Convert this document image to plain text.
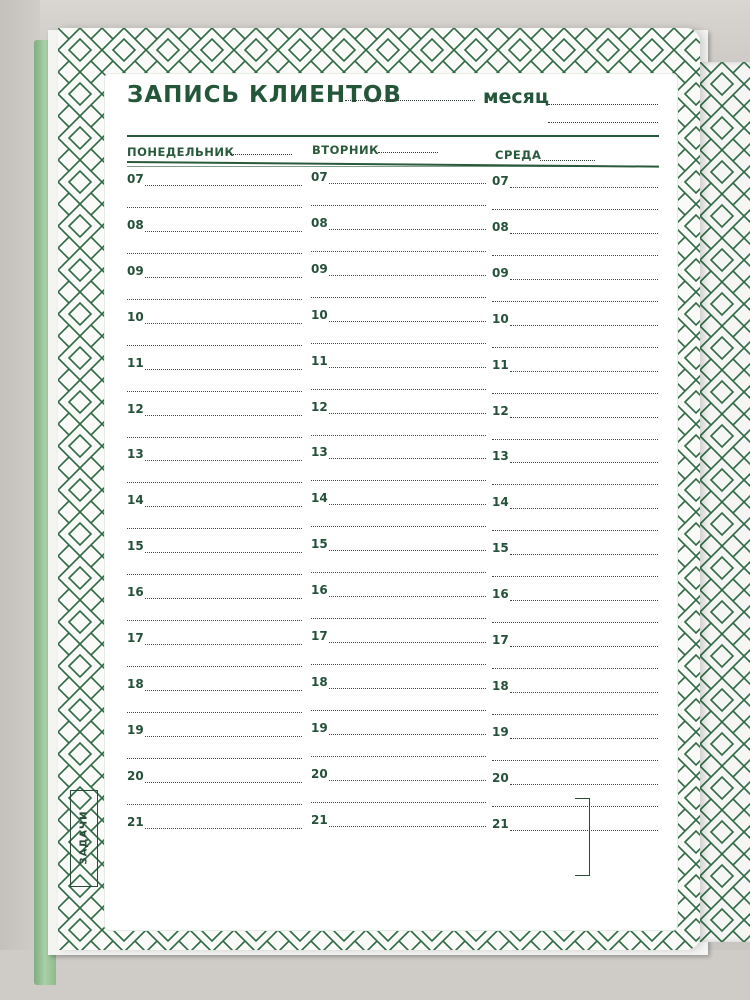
ЗАПИСЬ КЛИЕНТОВ	месяц
ПОНЕДЕЛЬНИК	ВТОРНИК	СРЕДА
07	07	07
08	08	08
09	09	09
10	10	10
11	11	11
12	12	12
13	13	13
14	14	14
15	15	15
16	16	16
17	17	17
18	18	18
19	19	19
20	20	20
21	21	21
ЗАДАЧИ
